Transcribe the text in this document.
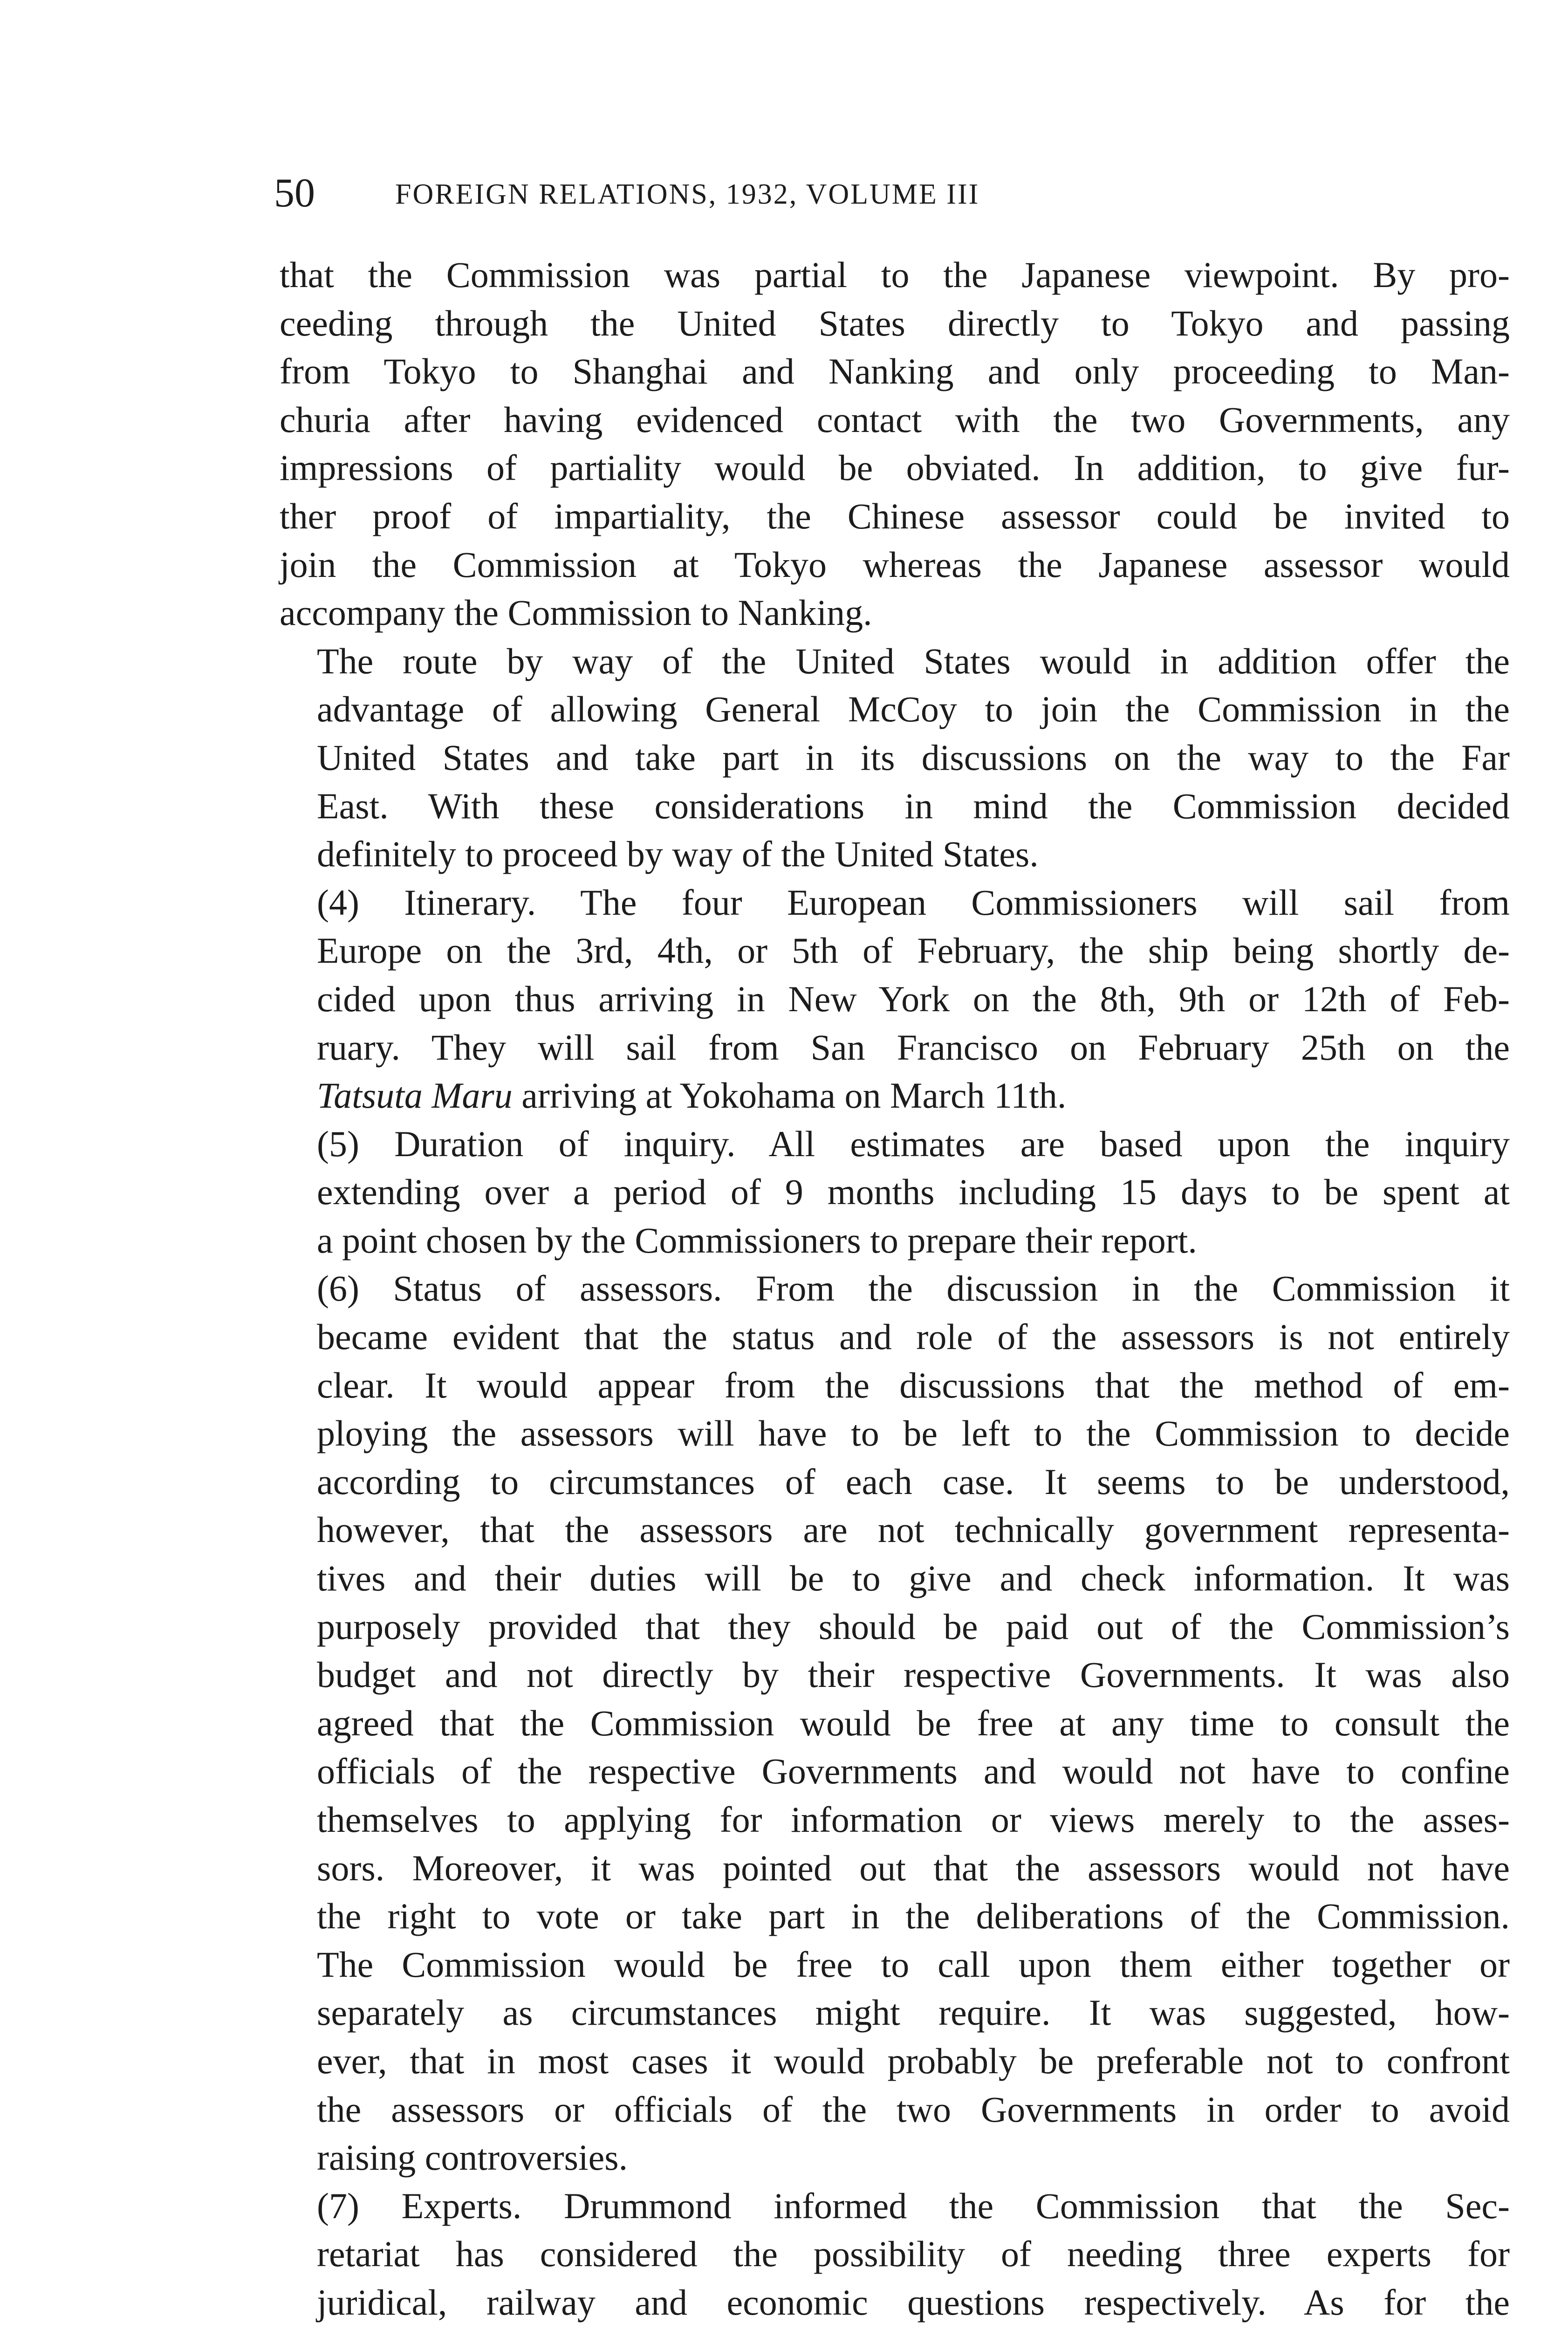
50	FOREIGN RELATIONS, 1932, VOLUME III

that the Commission was partial to the Japanese viewpoint. By pro-
ceeding through the United States directly to Tokyo and passing
from Tokyo to Shanghai and Nanking and only proceeding to Man-
churia after having evidenced contact with the two Governments, any
impressions of partiality would be obviated. In addition, to give fur-
ther proof of impartiality, the Chinese assessor could be invited to
join the Commission at Tokyo whereas the Japanese assessor would
accompany the Commission to Nanking.

The route by way of the United States would in addition offer the
advantage of allowing General McCoy to join the Commission in the
United States and take part in its discussions on the way to the Far
East. With these considerations in mind the Commission decided
definitely to proceed by way of the United States.

(4) Itinerary. The four European Commissioners will sail from
Europe on the 3rd, 4th, or 5th of February, the ship being shortly de-
cided upon thus arriving in New York on the 8th, 9th or 12th of Feb-
ruary. They will sail from San Francisco on February 25th on the
Tatsuta Maru arriving at Yokohama on March 11th.

(5) Duration of inquiry. All estimates are based upon the inquiry
extending over a period of 9 months including 15 days to be spent at
a point chosen by the Commissioners to prepare their report.

(6) Status of assessors. From the discussion in the Commission it
became evident that the status and role of the assessors is not entirely
clear. It would appear from the discussions that the method of em-
ploying the assessors will have to be left to the Commission to decide
according to circumstances of each case. It seems to be understood,
however, that the assessors are not technically government representa-
tives and their duties will be to give and check information. It was
purposely provided that they should be paid out of the Commission’s
budget and not directly by their respective Governments. It was also
agreed that the Commission would be free at any time to consult the
officials of the respective Governments and would not have to confine
themselves to applying for information or views merely to the asses-
sors. Moreover, it was pointed out that the assessors would not have
the right to vote or take part in the deliberations of the Commission.
The Commission would be free to call upon them either together or
separately as circumstances might require. It was suggested, how-
ever, that in most cases it would probably be preferable not to confront
the assessors or officials of the two Governments in order to avoid
raising controversies.

(7) Experts. Drummond informed the Commission that the Sec-
retariat has considered the possibility of needing three experts for
juridical, railway and economic questions respectively. As for the
